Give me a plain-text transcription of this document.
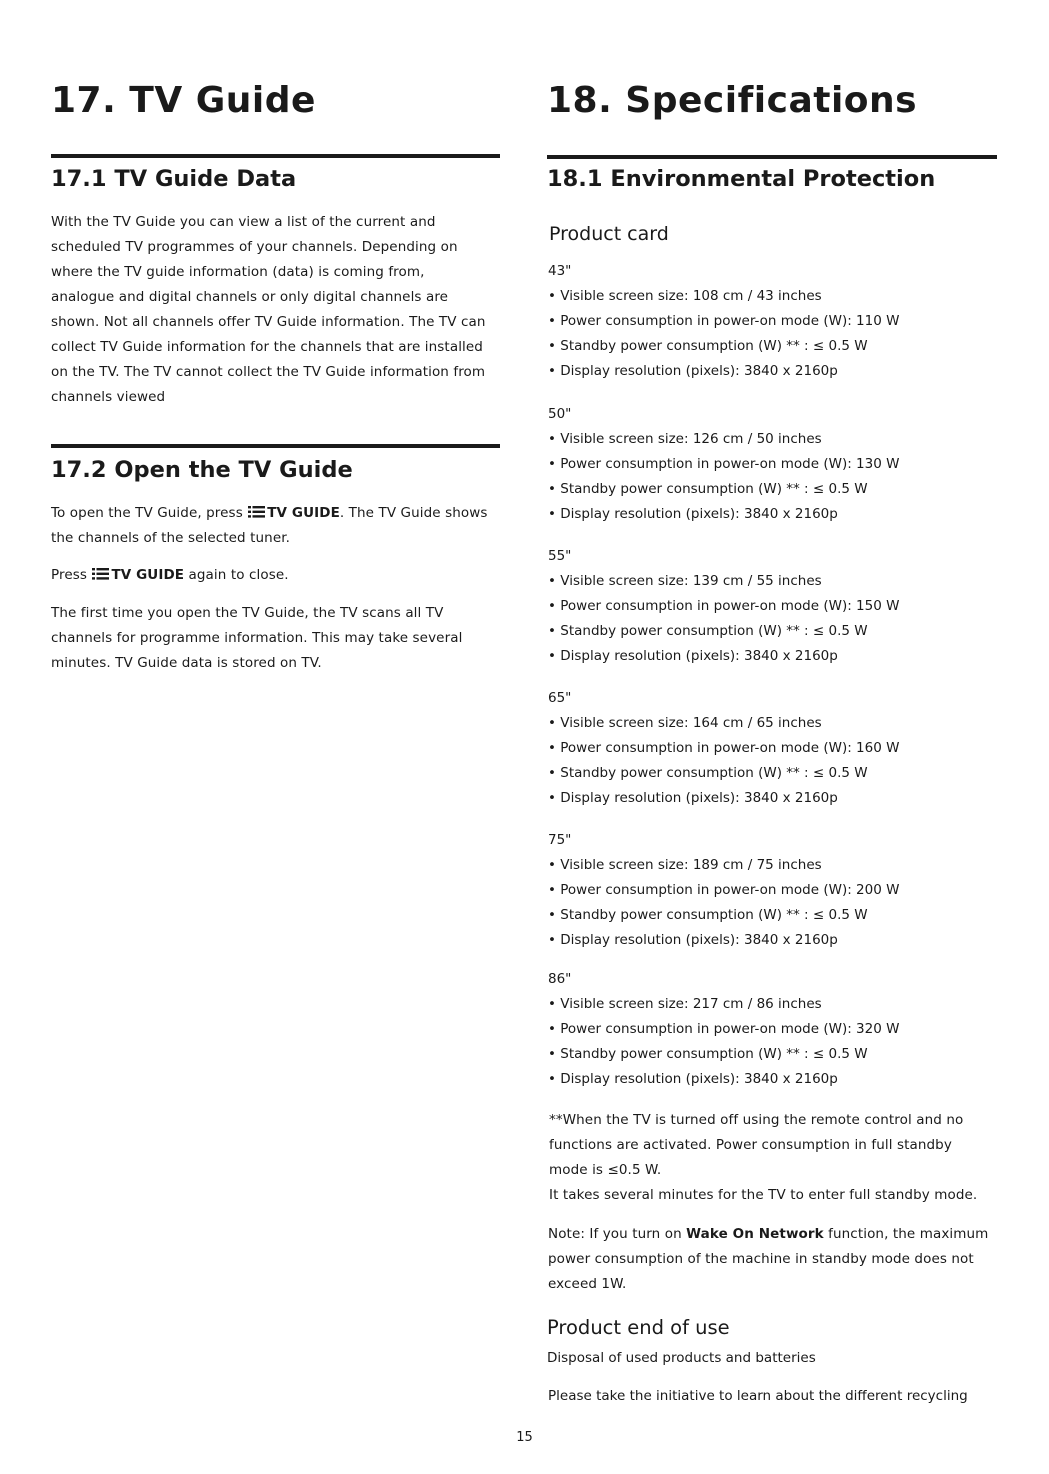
17. TV Guide
17.1 TV Guide Data
With the TV Guide you can view a list of the current and
scheduled TV programmes of your channels. Depending on
where the TV guide information (data) is coming from,
analogue and digital channels or only digital channels are
shown. Not all channels offer TV Guide information. The TV can
collect TV Guide information for the channels that are installed
on the TV. The TV cannot collect the TV Guide information from
channels viewed
17.2 Open the TV Guide
To open the TV Guide, press TV GUIDE. The TV Guide shows
the channels of the selected tuner.
Press TV GUIDE again to close.
The first time you open the TV Guide, the TV scans all TV
channels for programme information. This may take several
minutes. TV Guide data is stored on TV.
18. Specifications
18.1 Environmental Protection
Product card
43"
• Visible screen size: 108 cm / 43 inches
• Power consumption in power-on mode (W): 110 W
• Standby power consumption (W) ** : ≤ 0.5 W
• Display resolution (pixels): 3840 x 2160p
50"
• Visible screen size: 126 cm / 50 inches
• Power consumption in power-on mode (W): 130 W
• Standby power consumption (W) ** : ≤ 0.5 W
• Display resolution (pixels): 3840 x 2160p
55"
• Visible screen size: 139 cm / 55 inches
• Power consumption in power-on mode (W): 150 W
• Standby power consumption (W) ** : ≤ 0.5 W
• Display resolution (pixels): 3840 x 2160p
65"
• Visible screen size: 164 cm / 65 inches
• Power consumption in power-on mode (W): 160 W
• Standby power consumption (W) ** : ≤ 0.5 W
• Display resolution (pixels): 3840 x 2160p
75"
• Visible screen size: 189 cm / 75 inches
• Power consumption in power-on mode (W): 200 W
• Standby power consumption (W) ** : ≤ 0.5 W
• Display resolution (pixels): 3840 x 2160p
86"
• Visible screen size: 217 cm / 86 inches
• Power consumption in power-on mode (W): 320 W
• Standby power consumption (W) ** : ≤ 0.5 W
• Display resolution (pixels): 3840 x 2160p
**When the TV is turned off using the remote control and no
functions are activated. Power consumption in full standby
mode is ≤0.5 W.
It takes several minutes for the TV to enter full standby mode.
Note: If you turn on Wake On Network function, the maximum
power consumption of the machine in standby mode does not
exceed 1W.
Product end of use
Disposal of used products and batteries
Please take the initiative to learn about the different recycling
15
